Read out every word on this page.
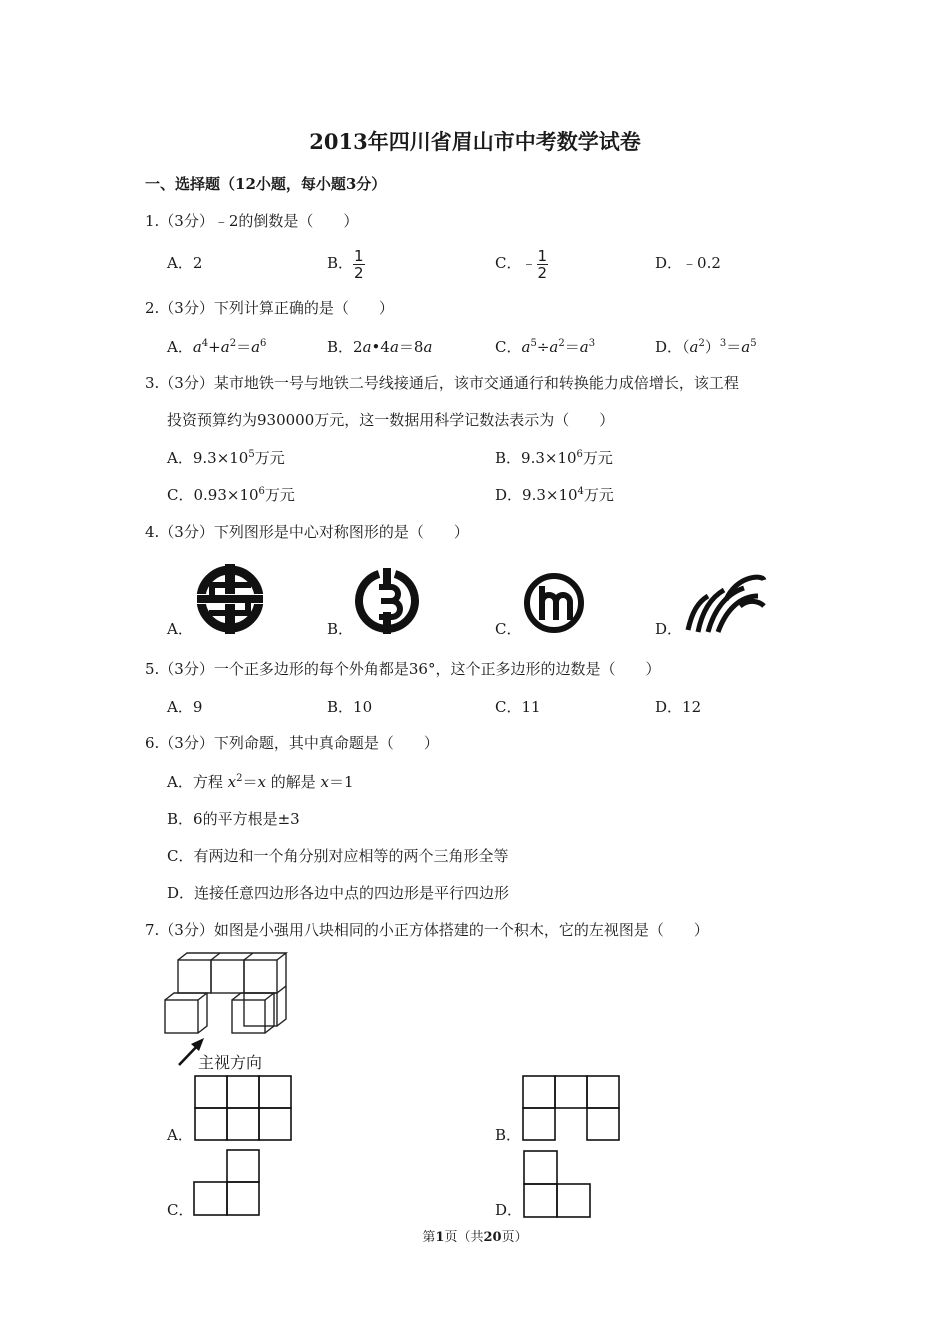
2013年四川省眉山市中考数学试卷
一、选择题（12小题，每小题3分）
1.（3分）﹣2的倒数是（　　）
A．2	B． $\frac{1}{2}$	C．﹣ $\frac{1}{2}$	D．﹣0.2
2.（3分）下列计算正确的是（　　）
A．$a^4+a^2=a^6$	B．2a•4a＝8a	C．$a^5\div a^2=a^3$	D．$(a^2)^3=a^5$
3.（3分）某市地铁一号与地铁二号线接通后，该市交通通行和转换能力成倍增长，该工程
投资预算约为930000万元，这一数据用科学记数法表示为（　　）
A．$9.3\times 10^5$万元	B．$9.3\times 10^6$万元
C．$0.93\times 10^6$万元	D．$9.3\times 10^4$万元
4.（3分）下列图形是中心对称图形的是（　　）
A．	B．	C．	D．
5.（3分）一个正多边形的每个外角都是36°，这个正多边形的边数是（　　）
A．9	B．10	C．11	D．12
6.（3分）下列命题，其中真命题是（　　）
A．方程 $x^2=x$ 的解是 x＝1
B．6的平方根是±3
C．有两边和一个角分别对应相等的两个三角形全等
D．连接任意四边形各边中点的四边形是平行四边形
7.（3分）如图是小强用八块相同的小正方体搭建的一个积木，它的左视图是（　　）
主视方向
A．	B．
C．	D．
第1页（共20页）
